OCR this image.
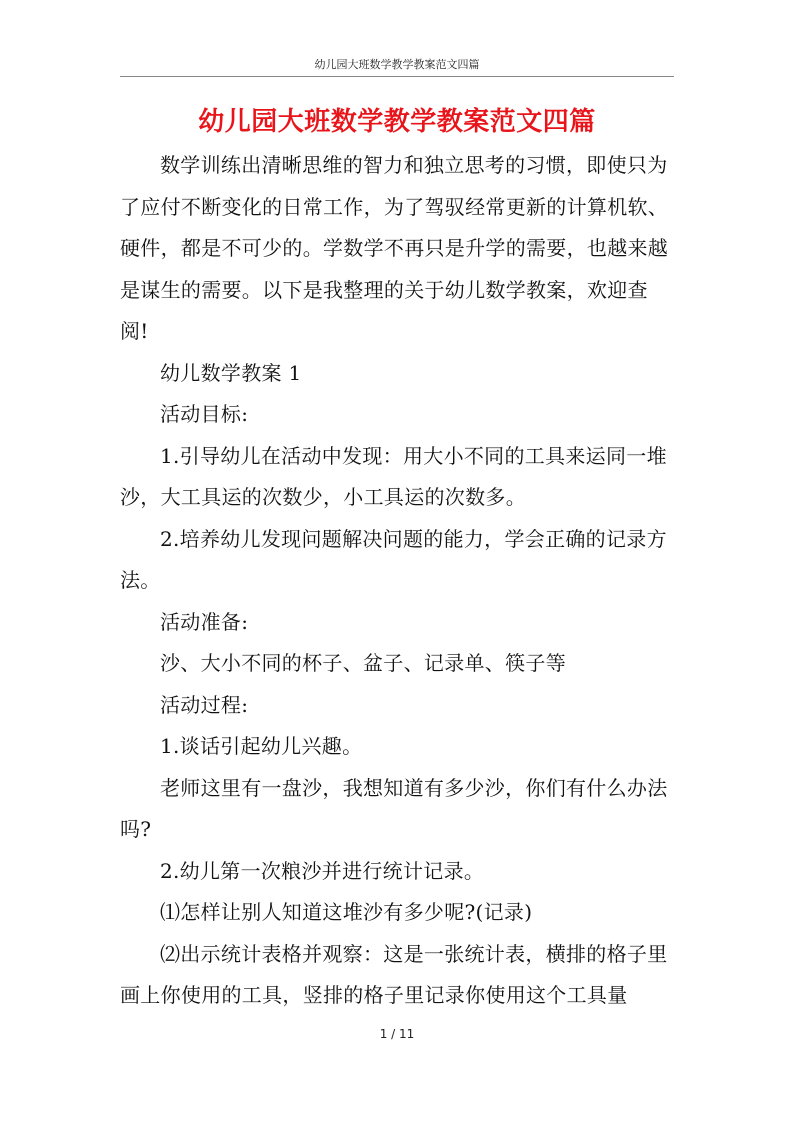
幼儿园大班数学教学教案范文四篇
幼儿园大班数学教学教案范文四篇

数学训练出清晰思维的智力和独立思考的习惯，即使只为了应付不断变化的日常工作，为了驾驭经常更新的计算机软、硬件，都是不可少的。学数学不再只是升学的需要，也越来越是谋生的需要。以下是我整理的关于幼儿数学教案，欢迎查阅!

幼儿数学教案 1

活动目标:

1.引导幼儿在活动中发现：用大小不同的工具来运同一堆沙，大工具运的次数少，小工具运的次数多。

2.培养幼儿发现问题解决问题的能力，学会正确的记录方法。

活动准备:

沙、大小不同的杯子、盆子、记录单、筷子等

活动过程:

1.谈话引起幼儿兴趣。

老师这里有一盘沙，我想知道有多少沙，你们有什么办法吗?

2.幼儿第一次粮沙并进行统计记录。

⑴怎样让别人知道这堆沙有多少呢?(记录)

⑵出示统计表格并观察：这是一张统计表，横排的格子里画上你使用的工具，竖排的格子里记录你使用这个工具量

1 / 11
